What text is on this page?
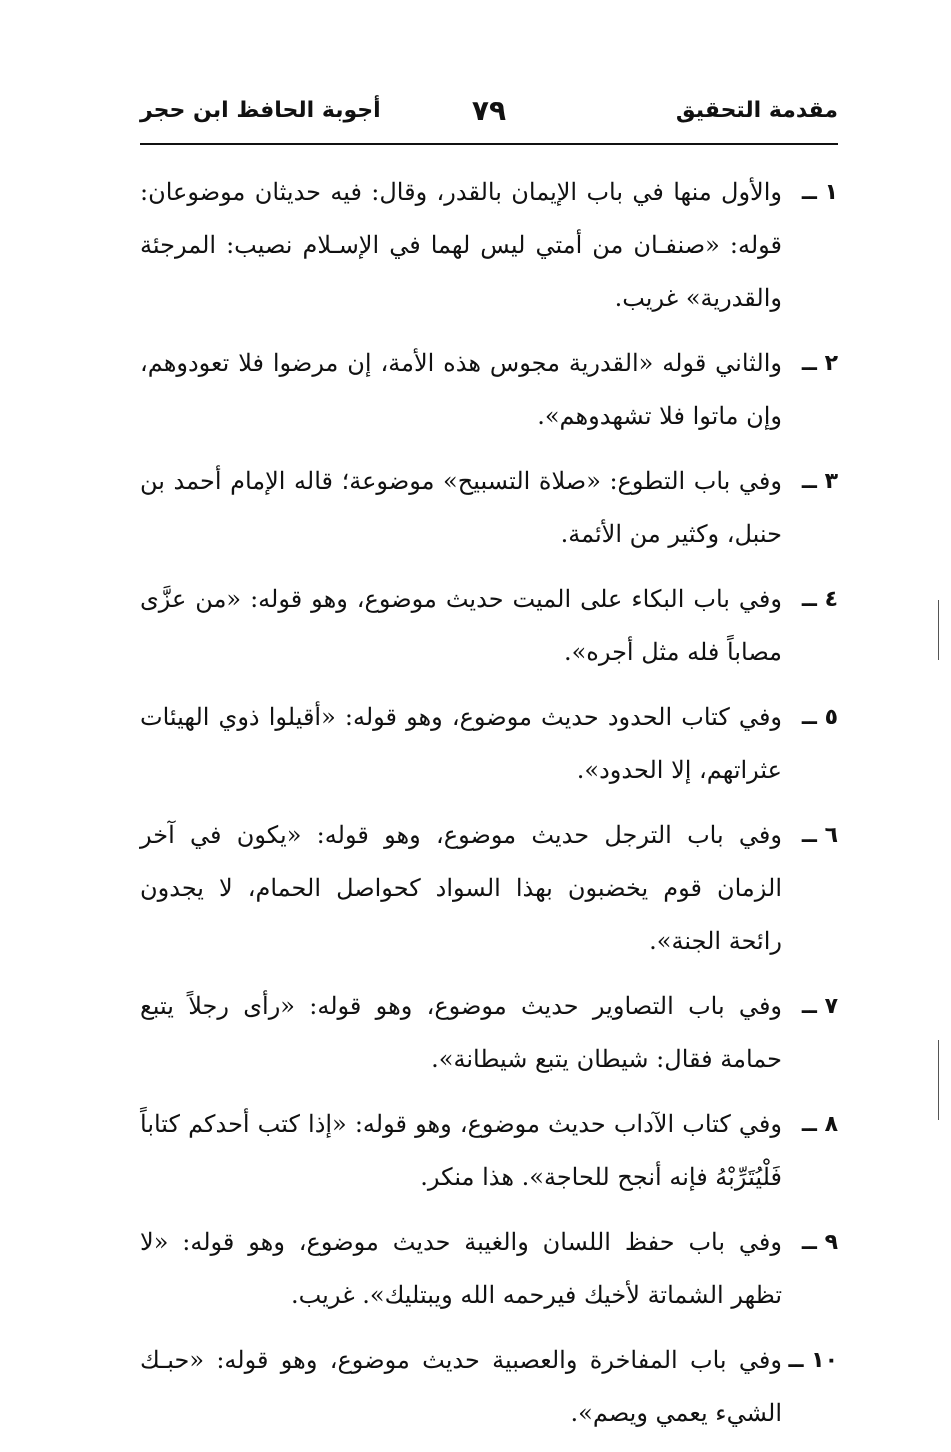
مقدمة التحقيق
٧٩
أجوبة الحافظ ابن حجر
١ ــ
والأول منها في باب الإيمان بالقدر، وقال: فيه حديثان موضوعان: قوله: «صنفـان من أمتي ليس لهما في الإسـلام نصيب: المرجئة والقدرية» غريب.
٢ ــ
والثاني قوله «القدرية مجوس هذه الأمة، إن مرضوا فلا تعودوهم، وإن ماتوا فلا تشهدوهم».
٣ ــ
وفي باب التطوع: «صلاة التسبيح» موضوعة؛ قاله الإمام أحمد بن حنبل، وكثير من الأئمة.
٤ ــ
وفي باب البكاء على الميت حديث موضوع، وهو قوله: «من عزَّى مصاباً فله مثل أجره».
٥ ــ
وفي كتاب الحدود حديث موضوع، وهو قوله: «أقيلوا ذوي الهيئات عثراتهم، إلا الحدود».
٦ ــ
وفي باب الترجل حديث موضوع، وهو قوله: «يكون في آخر الزمان قوم يخضبون بهذا السواد كحواصل الحمام، لا يجدون رائحة الجنة».
٧ ــ
وفي باب التصاوير حديث موضوع، وهو قوله: «رأى رجلاً يتبع حمامة فقال: شيطان يتبع شيطانة».
٨ ــ
وفي كتاب الآداب حديث موضوع، وهو قوله: «إذا كتب أحدكم كتاباً فَلْيُتَرِّبْهُ فإنه أنجح للحاجة». هذا منكر.
٩ ــ
وفي باب حفظ اللسان والغيبة حديث موضوع، وهو قوله: «لا تظهر الشماتة لأخيك فيرحمه الله ويبتليك». غريب.
١٠ ــ
وفي باب المفاخرة والعصبية حديث موضوع، وهو قوله: «حبـك الشيء يعمي ويصم».
